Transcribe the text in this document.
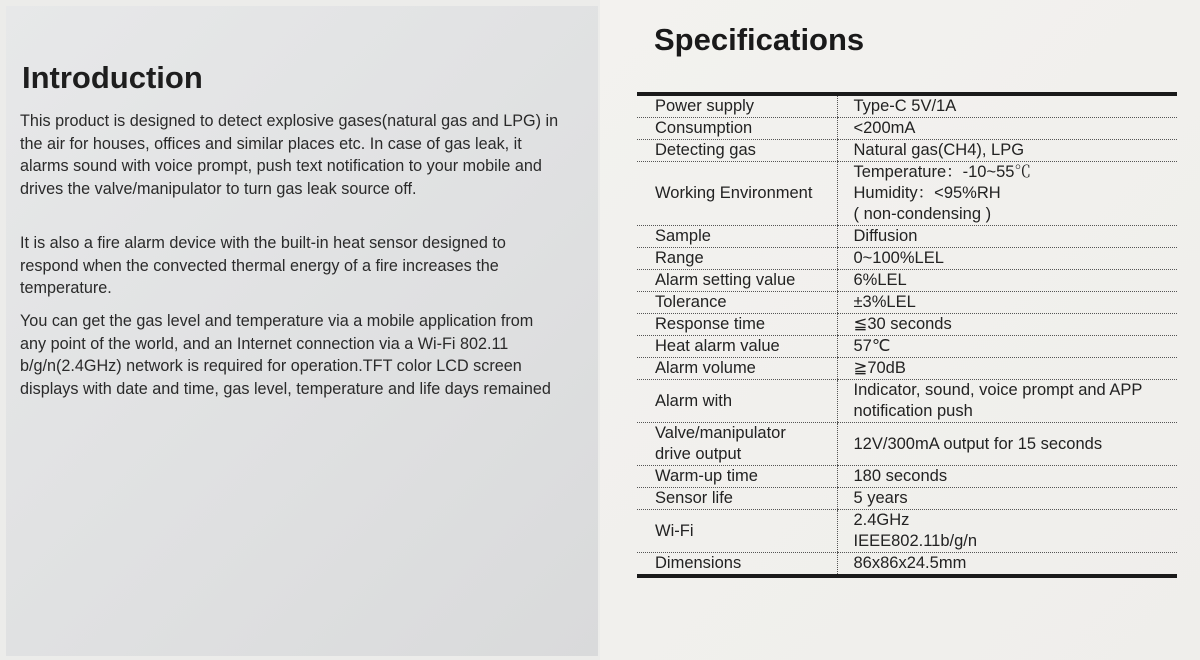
Introduction

This product is designed to detect explosive gases(natural gas and LPG) in the air for houses, offices and similar places etc. In case of gas leak, it alarms sound with voice prompt, push text notification to your mobile and drives the valve/manipulator to turn gas leak source off.

It is also a fire alarm device with the built-in heat sensor designed to respond when the convected thermal energy of a fire increases the temperature.

You can get the gas level and temperature via a mobile application from any point of the world, and an Internet connection via a Wi-Fi 802.11 b/g/n(2.4GHz) network is required for operation.TFT color LCD screen displays with date and time, gas level, temperature and life days remained

Specifications
Power supply	Type-C 5V/1A
Consumption	<200mA
Detecting gas	Natural gas(CH4), LPG
Working Environment	Temperature：-10~55℃
Humidity：<95%RH
( non-condensing )

Sample	Diffusion
Range	0~100%LEL
Alarm setting value	6%LEL
Tolerance	±3%LEL
Response time	≦30 seconds
Heat alarm value	57℃
Alarm volume	≧70dB
Alarm with	Indicator, sound, voice prompt and APP
notification push

Valve/manipulator
drive output	12V/300mA output for 15 seconds
Warm-up time	180 seconds
Sensor life	5 years
Wi-Fi	2.4GHz
IEEE802.11b/g/n

Dimensions	86x86x24.5mm
